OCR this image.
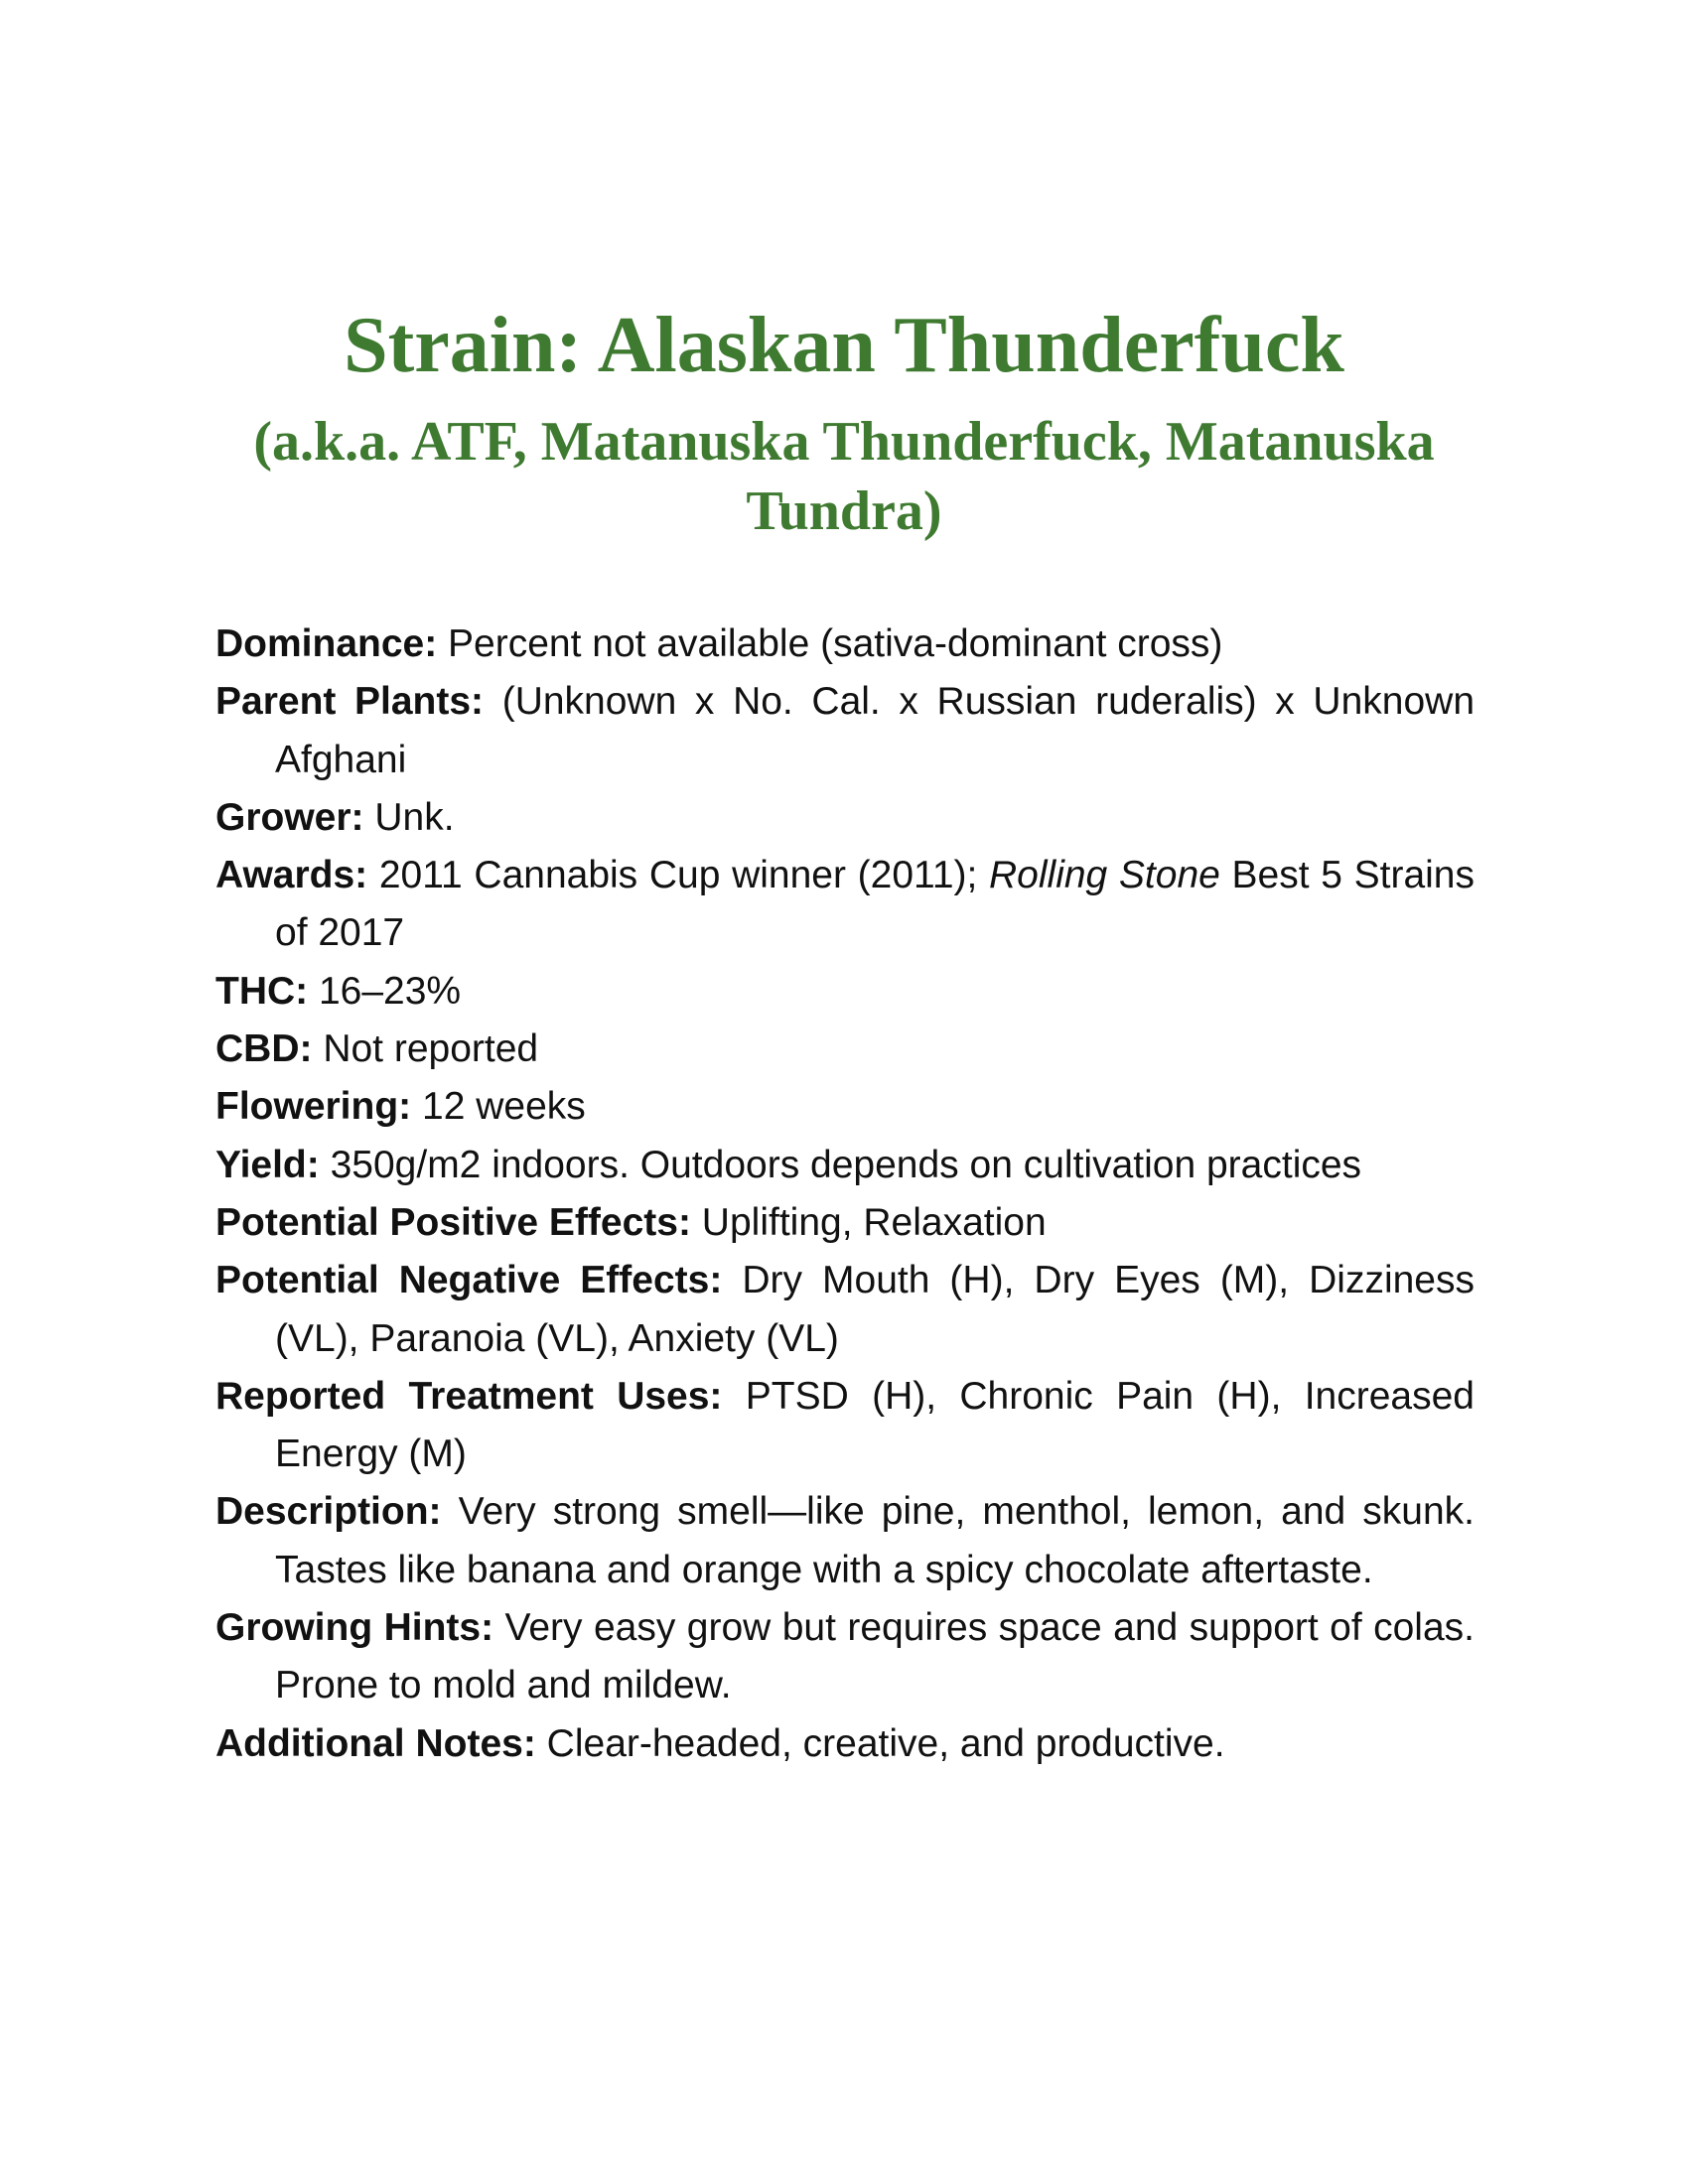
Strain: Alaskan Thunderfuck
(a.k.a. ATF, Matanuska Thunderfuck, Matanuska Tundra)
Dominance: Percent not available (sativa-dominant cross)
Parent Plants: (Unknown x No. Cal. x Russian ruderalis) x Unknown Afghani
Grower: Unk.
Awards: 2011 Cannabis Cup winner (2011); Rolling Stone Best 5 Strains of 2017
THC: 16–23%
CBD: Not reported
Flowering: 12 weeks
Yield: 350g/m2 indoors. Outdoors depends on cultivation practices
Potential Positive Effects: Uplifting, Relaxation
Potential Negative Effects: Dry Mouth (H), Dry Eyes (M), Dizziness (VL), Paranoia (VL), Anxiety (VL)
Reported Treatment Uses: PTSD (H), Chronic Pain (H), Increased Energy (M)
Description: Very strong smell—like pine, menthol, lemon, and skunk. Tastes like banana and orange with a spicy chocolate aftertaste.
Growing Hints: Very easy grow but requires space and support of colas. Prone to mold and mildew.
Additional Notes: Clear-headed, creative, and productive.
